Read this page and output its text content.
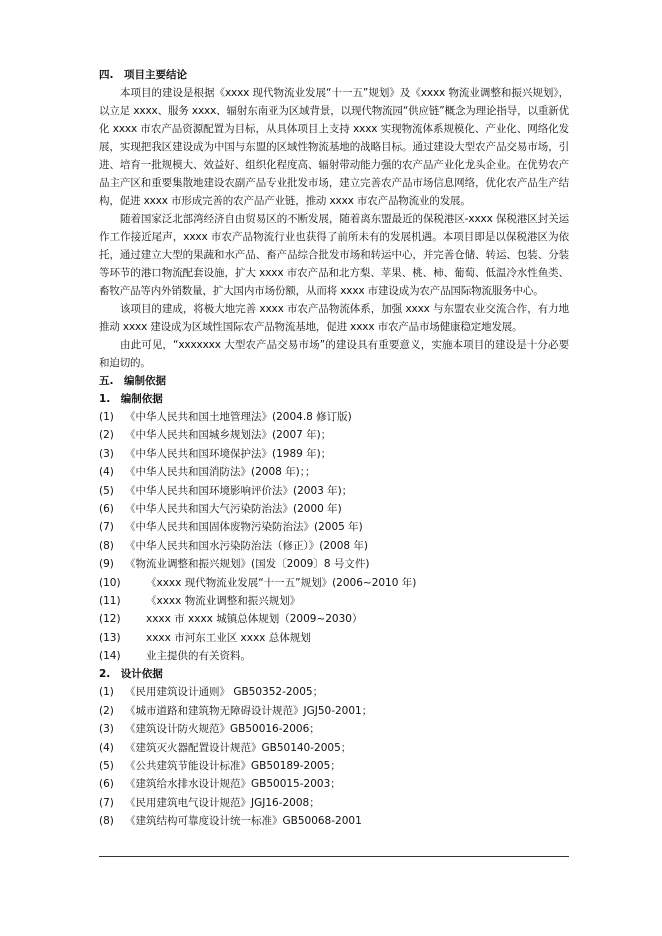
四.　项目主要结论

本项目的建设是根据《xxxx 现代物流业发展“十一五”规划》及《xxxx 物流业调整和振兴规划》，以立足 xxxx、服务 xxxx、辐射东南亚为区域背景，以现代物流园“供应链”概念为理论指导，以重新优化 xxxx 市农产品资源配置为目标，从具体项目上支持 xxxx 实现物流体系规模化、产业化、网络化发展，实现把我区建设成为中国与东盟的区域性物流基地的战略目标。通过建设大型农产品交易市场，引进、培育一批规模大、效益好、组织化程度高、辐射带动能力强的农产品产业化龙头企业。在优势农产品主产区和重要集散地建设农副产品专业批发市场，建立完善农产品市场信息网络，优化农产品生产结构，促进 xxxx 市形成完善的农产品产业链，推动 xxxx 市农产品物流业的发展。

随着国家泛北部湾经济自由贸易区的不断发展，随着离东盟最近的保税港区-xxxx 保税港区封关运作工作接近尾声，xxxx 市农产品物流行业也获得了前所未有的发展机遇。本项目即是以保税港区为依托，通过建立大型的果蔬和水产品、畜产品综合批发市场和转运中心，并完善仓储、转运、包装、分装等环节的港口物流配套设施，扩大 xxxx 市农产品和北方梨、苹果、桃、柿、葡萄、低温冷水性鱼类、畜牧产品等内外销数量，扩大国内市场份额，从而将 xxxx 市建设成为农产品国际物流服务中心。

该项目的建成，将极大地完善 xxxx 市农产品物流体系，加强 xxxx 与东盟农业交流合作，有力地推动 xxxx 建设成为区域性国际农产品物流基地，促进 xxxx 市农产品市场健康稳定地发展。

由此可见，“xxxxxxx 大型农产品交易市场”的建设具有重要意义，实施本项目的建设是十分必要和迫切的。

五.　编制依据
1.　编制依据
(1) 《中华人民共和国土地管理法》(2004.8 修订版)
(2) 《中华人民共和国城乡规划法》(2007 年)；
(3) 《中华人民共和国环境保护法》(1989 年)；
(4) 《中华人民共和国消防法》(2008 年)；；
(5) 《中华人民共和国环境影响评价法》(2003 年)；
(6) 《中华人民共和国大气污染防治法》(2000 年)
(7) 《中华人民共和国固体废物污染防治法》(2005 年)
(8) 《中华人民共和国水污染防治法（修正）》(2008 年)
(9) 《物流业调整和振兴规划》(国发〔2009〕8 号文件)
(10) 《xxxx 现代物流业发展“十一五”规划》(2006~2010 年)
(11) 《xxxx 物流业调整和振兴规划》
(12) xxxx 市 xxxx 城镇总体规划（2009~2030）
(13) xxxx 市河东工业区 xxxx 总体规划
(14) 业主提供的有关资料。
2.　设计依据
(1) 《民用建筑设计通则》 GB50352-2005；
(2) 《城市道路和建筑物无障碍设计规范》JGJ50-2001；
(3) 《建筑设计防火规范》GB50016-2006；
(4) 《建筑灭火器配置设计规范》GB50140-2005；
(5) 《公共建筑节能设计标准》GB50189-2005；
(6) 《建筑给水排水设计规范》GB50015-2003；
(7) 《民用建筑电气设计规范》JGJ16-2008；
(8) 《建筑结构可靠度设计统一标准》GB50068-2001
